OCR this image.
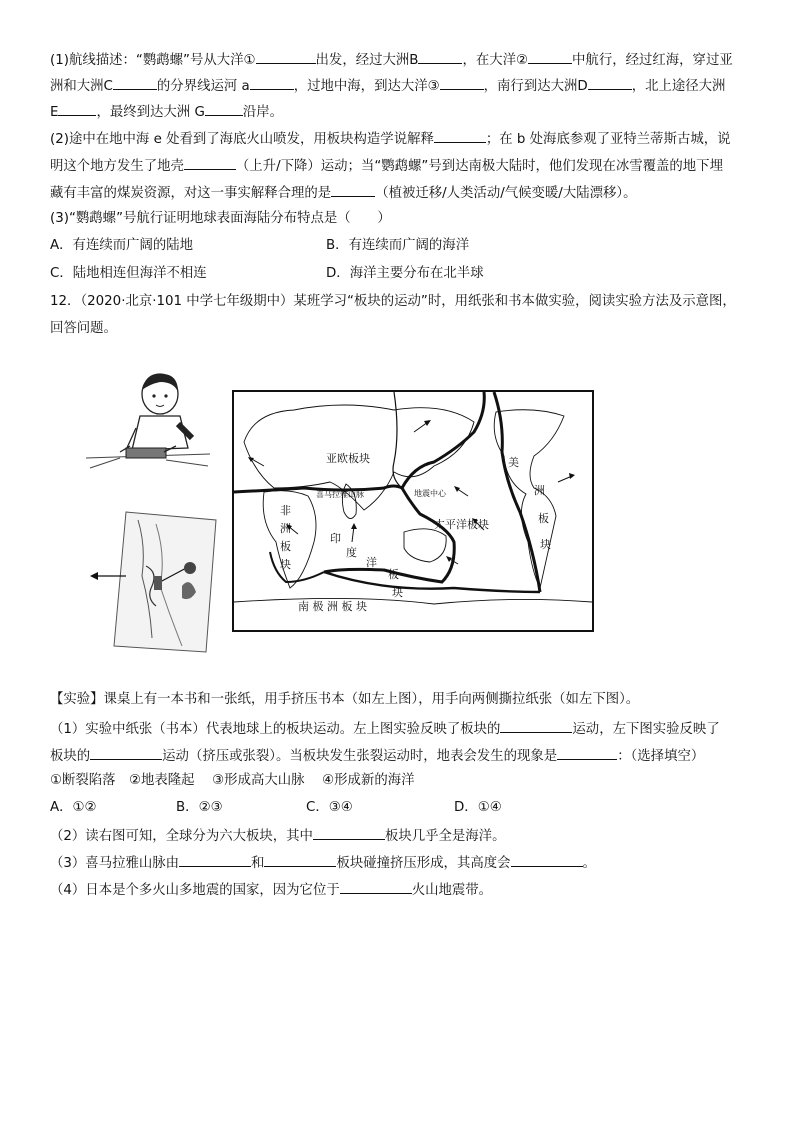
(1)航线描述：“鹦鹉螺”号从大洋①	出发，经过大洲B	，在大洋②	中航行，经过红海，穿过亚
洲和大洲C	的分界线运河 a	，过地中海，到达大洋③	，南行到达大洲D	，北上途径大洲
E	，最终到达大洲 G	沿岸。
(2)途中在地中海 e 处看到了海底火山喷发，用板块构造学说解释	；在 b 处海底参观了亚特兰蒂斯古城，说
明这个地方发生了地壳	（上升/下降）运动；当“鹦鹉螺”号到达南极大陆时，他们发现在冰雪覆盖的地下埋
藏有丰富的煤炭资源，对这一事实解释合理的是	（植被迁移/人类活动/气候变暖/大陆漂移）。
(3)“鹦鹉螺”号航行证明地球表面海陆分布特点是（　　）
A．有连续而广阔的陆地	B．有连续而广阔的海洋
C．陆地相连但海洋不相连	D．海洋主要分布在北半球
12．（2020·北京·101 中学七年级期中）某班学习“板块的运动”时，用纸张和书本做实验，阅读实验方法及示意图，
回答问题。
亚欧板块
喜马拉雅山脉	地震中心
太平洋板块
非
洲
板
块
印
度
洋
板
块
美
洲
板
块
南 极 洲 板 块
【实验】课桌上有一本书和一张纸，用手挤压书本（如左上图），用手向两侧撕拉纸张（如左下图）。
（1）实验中纸张（书本）代表地球上的板块运动。左上图实验反映了板块的	运动，左下图实验反映了
板块的	运动（挤压或张裂）。当板块发生张裂运动时，地表会发生的现象是	：（选择填空）
①断裂陷落　②地表隆起　 ③形成高大山脉　 ④形成新的海洋
A．①②	B．②③	C．③④	D．①④
（2）读右图可知，全球分为六大板块，其中	板块几乎全是海洋。
（3）喜马拉雅山脉由	和	板块碰撞挤压形成，其高度会	。
（4）日本是个多火山多地震的国家，因为它位于	火山地震带。
